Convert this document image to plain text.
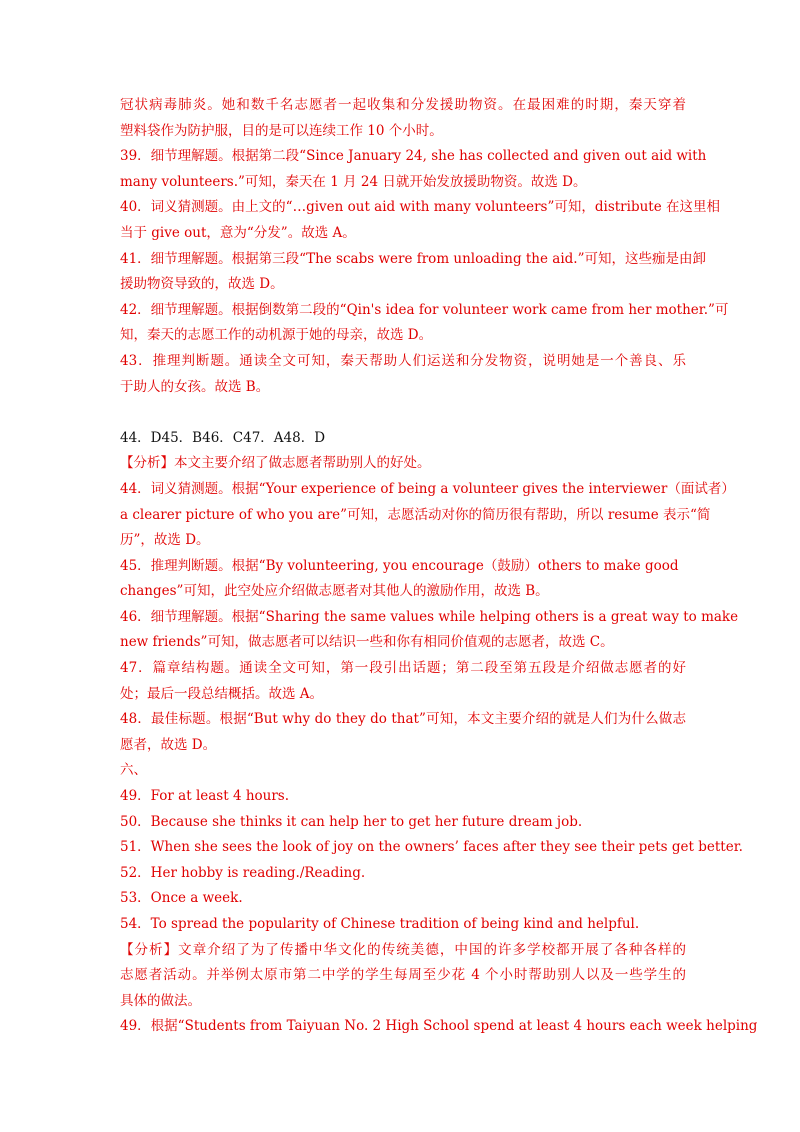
冠状病毒肺炎。她和数千名志愿者一起收集和分发援助物资。在最困难的时期，秦天穿着
塑料袋作为防护服，目的是可以连续工作 10 个小时。
39．细节理解题。根据第二段“Since January 24, she has collected and given out aid with
many volunteers.”可知，秦天在 1 月 24 日就开始发放援助物资。故选 D。
40．词义猜测题。由上文的“…given out aid with many volunteers”可知，distribute 在这里相
当于 give out，意为“分发”。故选 A。
41．细节理解题。根据第三段“The scabs were from unloading the aid.”可知，这些痂是由卸
援助物资导致的，故选 D。
42．细节理解题。根据倒数第二段的“Qin's idea for volunteer work came from her mother.”可
知，秦天的志愿工作的动机源于她的母亲，故选 D。
43．推理判断题。通读全文可知，秦天帮助人们运送和分发物资，说明她是一个善良、乐
于助人的女孩。故选 B。
44．D45．B46．C47．A48．D
【分析】本文主要介绍了做志愿者帮助别人的好处。
44．词义猜测题。根据“Your experience of being a volunteer gives the interviewer（面试者）
a clearer picture of who you are”可知，志愿活动对你的简历很有帮助，所以 resume 表示“简
历”，故选 D。
45．推理判断题。根据“By volunteering, you encourage（鼓励）others to make good
changes”可知，此空处应介绍做志愿者对其他人的激励作用，故选 B。
46．细节理解题。根据“Sharing the same values while helping others is a great way to make
new friends”可知，做志愿者可以结识一些和你有相同价值观的志愿者，故选 C。
47．篇章结构题。通读全文可知，第一段引出话题；第二段至第五段是介绍做志愿者的好
处；最后一段总结概括。故选 A。
48．最佳标题。根据“But why do they do that”可知，本文主要介绍的就是人们为什么做志
愿者，故选 D。
六、
49．For at least 4 hours.
50．Because she thinks it can help her to get her future dream job.
51．When she sees the look of joy on the owners’ faces after they see their pets get better.
52．Her hobby is reading./Reading.
53．Once a week.
54．To spread the popularity of Chinese tradition of being kind and helpful.
【分析】文章介绍了为了传播中华文化的传统美德，中国的许多学校都开展了各种各样的
志愿者活动。并举例太原市第二中学的学生每周至少花 4 个小时帮助别人以及一些学生的
具体的做法。
49．根据“Students from Taiyuan No. 2 High School spend at least 4 hours each week helping
